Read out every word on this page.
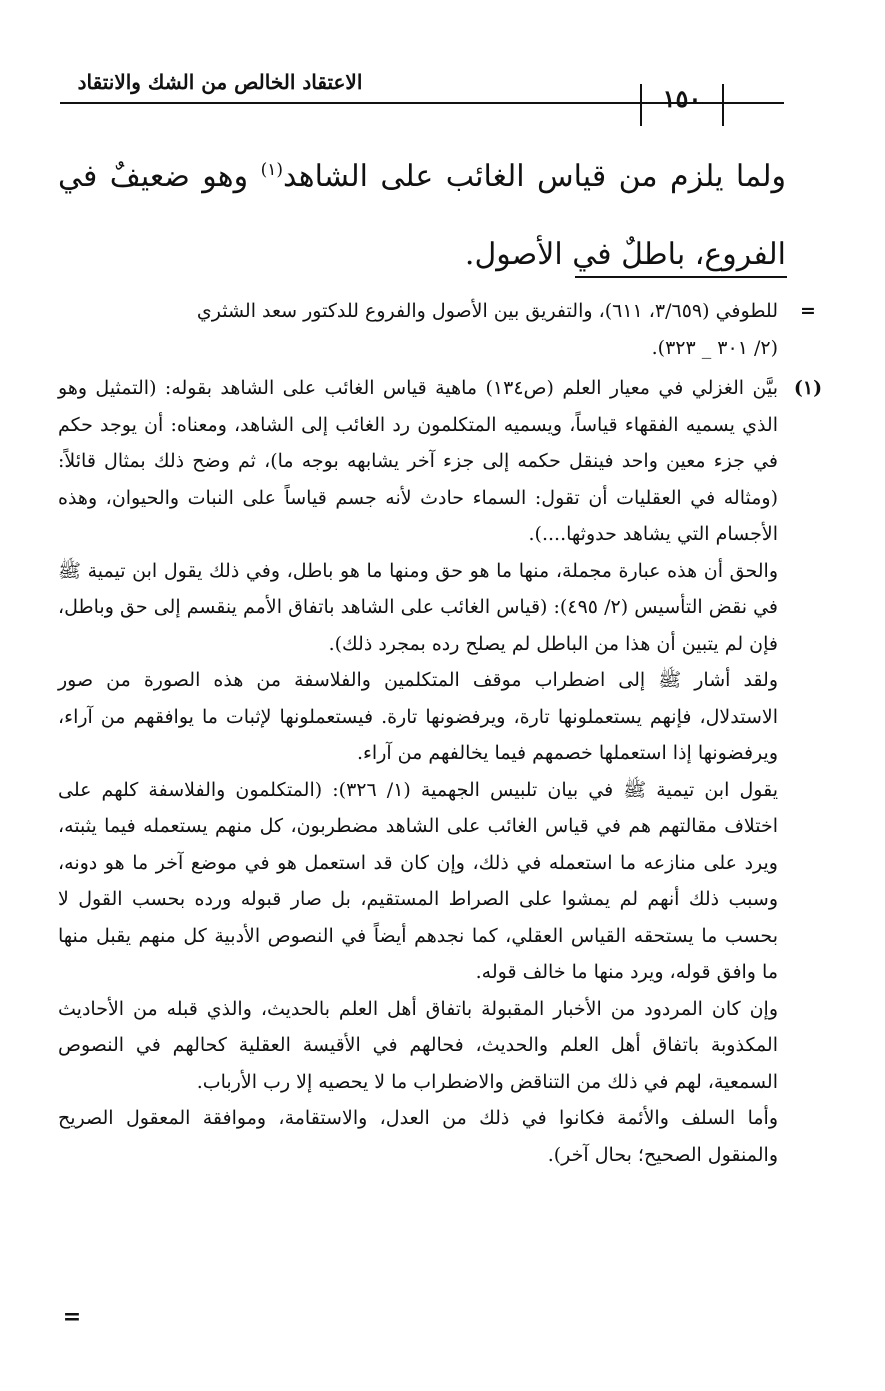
الاعتقاد الخالص من الشك والانتقاد
١٥٠

ولما يلزم من قياس الغائب على الشاهد$^{(١)}$ وهو ضعيفٌ في الفروع، باطلٌ في الأصول.

=

للطوفي (٣/٦٥٩، ٦١١)، والتفريق بين الأصول والفروع للدكتور سعد الشثري

(٢/ ٣٠١ _ ٣٢٣).

(١)

بيَّن الغزلي في معيار العلم (ص١٣٤) ماهية قياس الغائب على الشاهد بقوله: (التمثيل وهو الذي يسميه الفقهاء قياساً، ويسميه المتكلمون رد الغائب إلى الشاهد، ومعناه: أن يوجد حكم في جزء معين واحد فينقل حكمه إلى جزء آخر يشابهه بوجه ما)، ثم وضح ذلك بمثال قائلاً: (ومثاله في العقليات أن تقول: السماء حادث لأنه جسم قياساً على النبات والحيوان، وهذه الأجسام التي يشاهد حدوثها....).

والحق أن هذه عبارة مجملة، منها ما هو حق ومنها ما هو باطل، وفي ذلك يقول ابن تيمية ﷺ في نقض التأسيس (٢/ ٤٩٥): (قياس الغائب على الشاهد باتفاق الأمم ينقسم إلى حق وباطل، فإن لم يتبين أن هذا من الباطل لم يصلح رده بمجرد ذلك).

ولقد أشار ﷺ إلى اضطراب موقف المتكلمين والفلاسفة من هذه الصورة من صور الاستدلال، فإنهم يستعملونها تارة، ويرفضونها تارة. فيستعملونها لإثبات ما يوافقهم من آراء، ويرفضونها إذا استعملها خصمهم فيما يخالفهم من آراء.

يقول ابن تيمية ﷺ في بيان تلبيس الجهمية (١/ ٣٢٦): (المتكلمون والفلاسفة كلهم على اختلاف مقالتهم هم في قياس الغائب على الشاهد مضطربون، كل منهم يستعمله فيما يثبته، ويرد على منازعه ما استعمله في ذلك، وإن كان قد استعمل هو في موضع آخر ما هو دونه، وسبب ذلك أنهم لم يمشوا على الصراط المستقيم، بل صار قبوله ورده بحسب القول لا بحسب ما يستحقه القياس العقلي، كما نجدهم أيضاً في النصوص الأدبية كل منهم يقبل منها ما وافق قوله، ويرد منها ما خالف قوله.

وإن كان المردود من الأخبار المقبولة باتفاق أهل العلم بالحديث، والذي قبله من الأحاديث المكذوبة باتفاق أهل العلم والحديث، فحالهم في الأقيسة العقلية كحالهم في النصوص السمعية، لهم في ذلك من التناقض والاضطراب ما لا يحصيه إلا رب الأرباب.

وأما السلف والأئمة فكانوا في ذلك من العدل، والاستقامة، وموافقة المعقول الصريح والمنقول الصحيح؛ بحال آخر).

=
